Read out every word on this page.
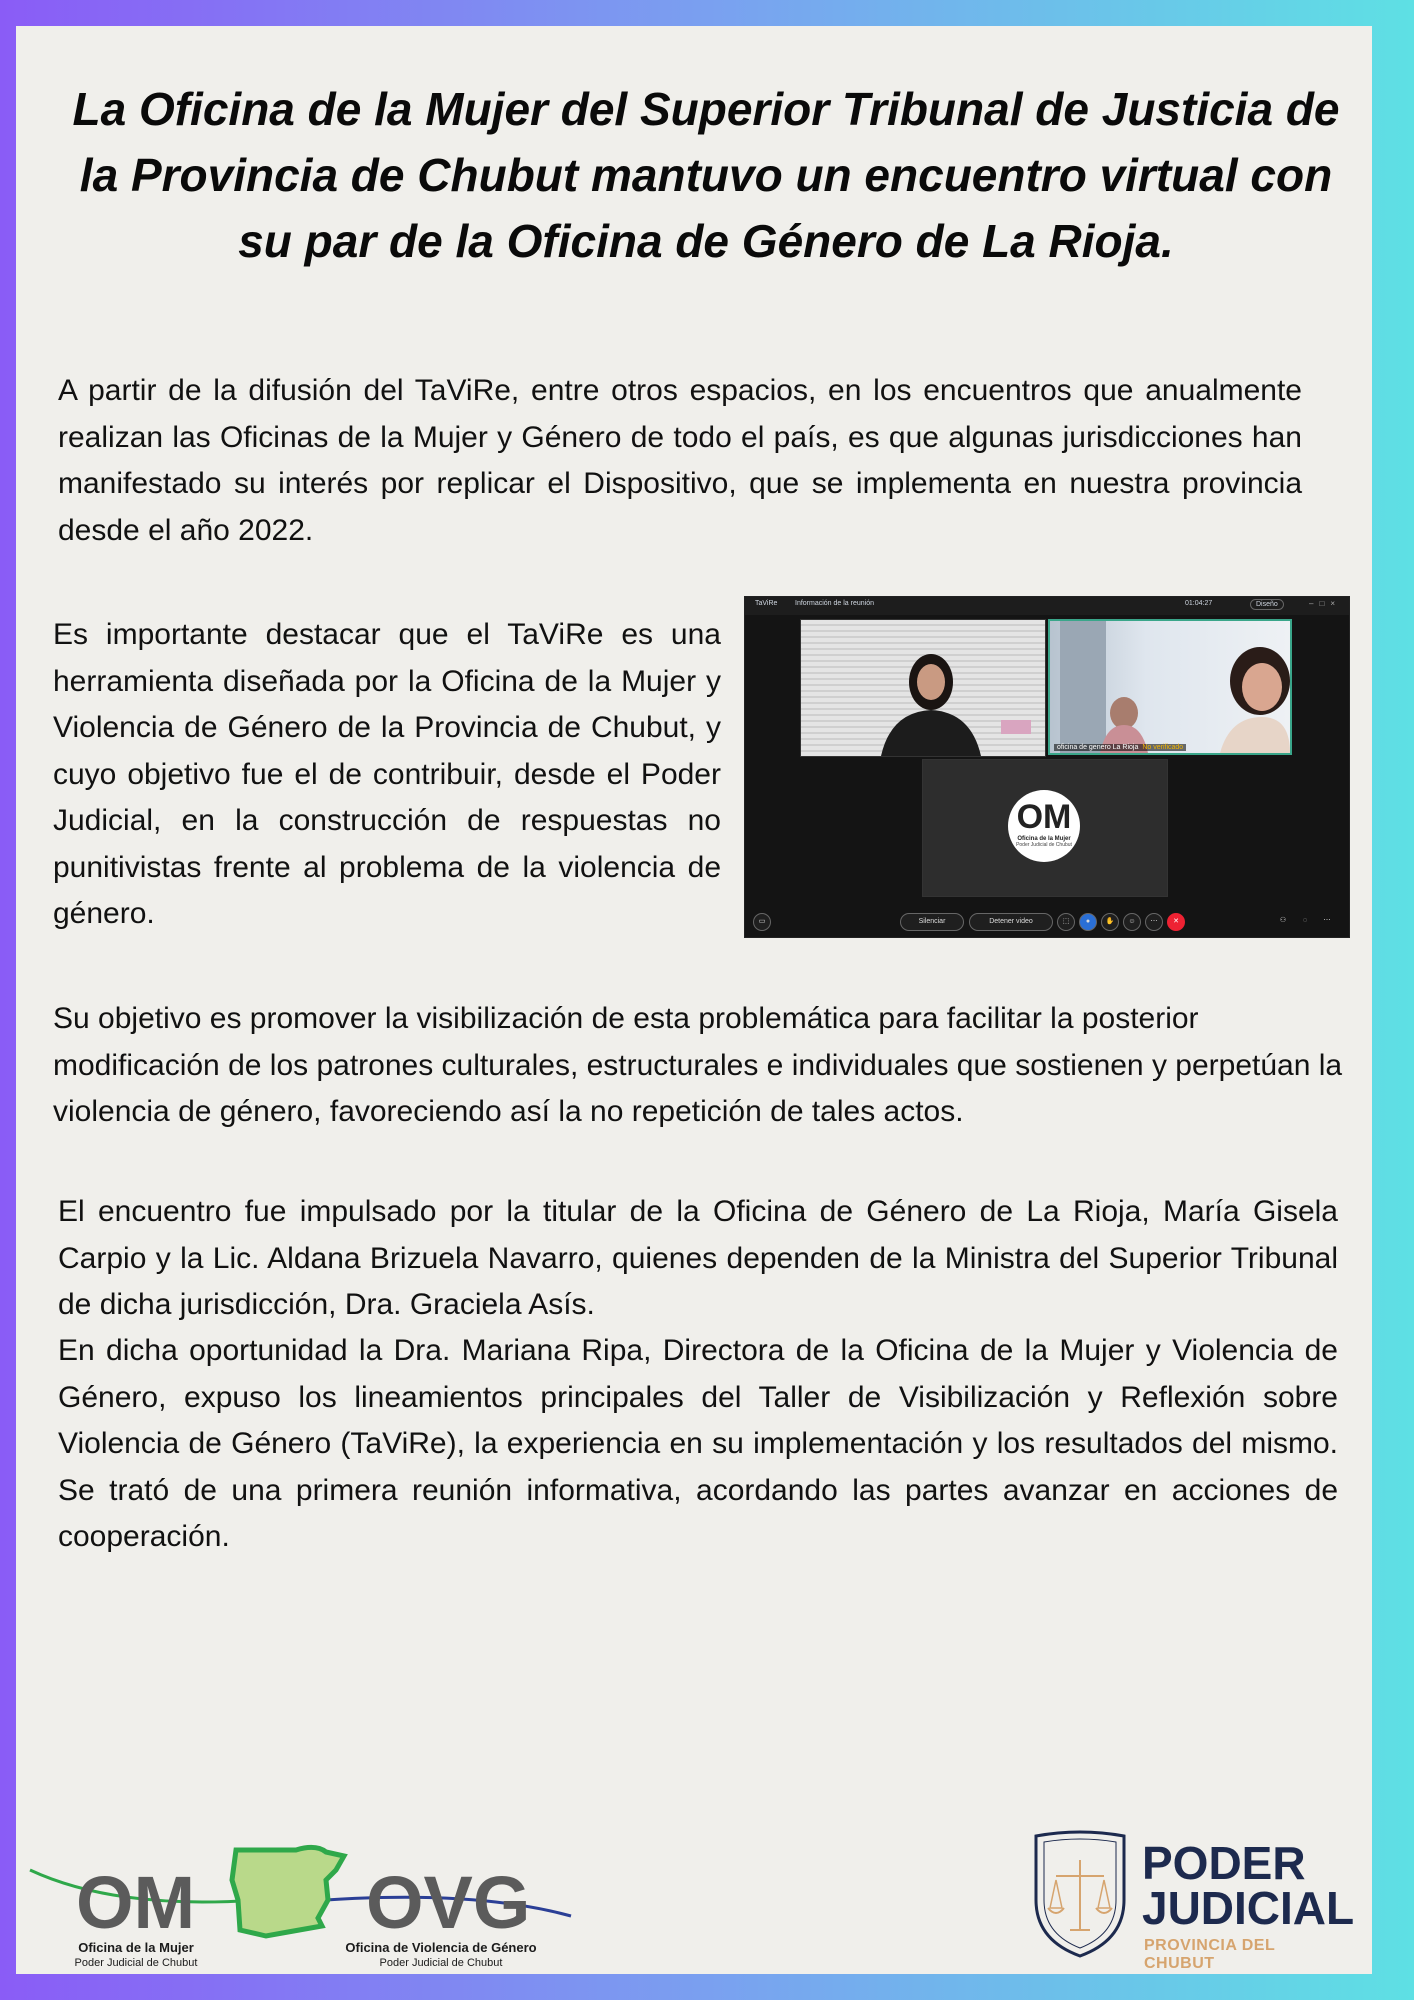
La Oficina de la Mujer del Superior Tribunal de Justicia de la Provincia de Chubut mantuvo un encuentro virtual con su par de la Oficina de Género de La Rioja.

A partir de la difusión del TaViRe, entre otros espacios, en los encuentros que anualmente realizan las Oficinas de la Mujer y Género de todo el país, es que algunas jurisdicciones han manifestado su interés por replicar el Dispositivo, que se implementa en nuestra provincia desde el año 2022.

Es importante destacar que el TaViRe es una herramienta diseñada por la Oficina de la Mujer y Violencia de Género de la Provincia de Chubut, y cuyo objetivo fue el de contribuir, desde el Poder Judicial, en la construcción de respuestas no punitivistas frente al problema de la violencia de género.

TaViRe	Información de la reunión	01:04:27	Diseño	–□×
oficina de genero La Rioja No verificado
OM
Oficina de la Mujer
Poder Judicial de Chubut
▭	Silenciar	Detener video	⬚	●	✋	☺	⋯	✕	⚇	◌	⋯

Su objetivo es promover la visibilización de esta problemática para facilitar la posterior modificación de los patrones culturales, estructurales e individuales que sostienen y perpetúan la violencia de género, favoreciendo así la no repetición de tales actos.

El encuentro fue impulsado por la titular de la Oficina de Género de La Rioja, María Gisela Carpio y la Lic. Aldana Brizuela Navarro, quienes dependen de la Ministra del Superior Tribunal de dicha jurisdicción, Dra. Graciela Asís.

En dicha oportunidad la Dra. Mariana Ripa, Directora de la Oficina de la Mujer y Violencia de Género, expuso los lineamientos principales del Taller de Visibilización y Reflexión sobre Violencia de Género (TaViRe), la experiencia en su implementación y los resultados del mismo. Se trató de una primera reunión informativa, acordando las partes avanzar en acciones de cooperación.

OM OVG
Oficina de la Mujer
Poder Judicial de Chubut
Oficina de Violencia de Género
Poder Judicial de Chubut

PODER

JUDICIAL

PROVINCIA DEL CHUBUT
